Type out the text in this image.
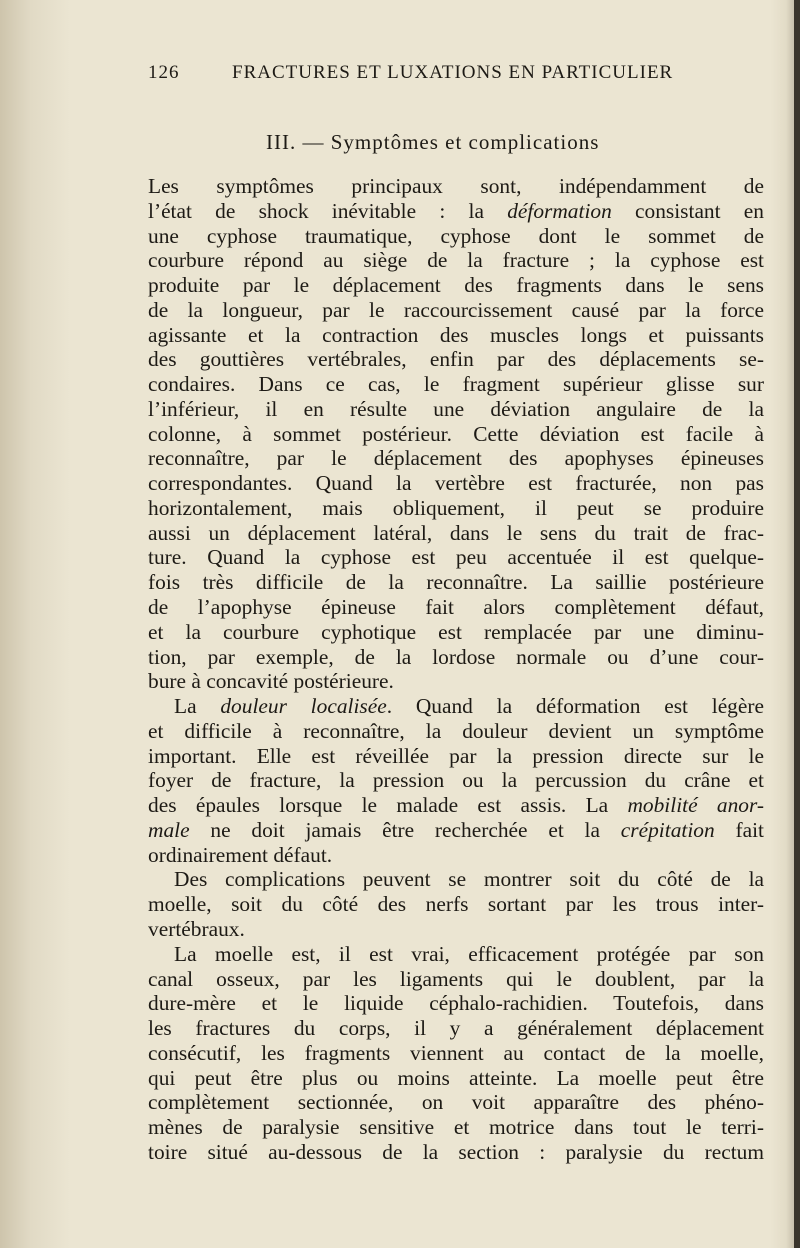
126	FRACTURES ET LUXATIONS EN PARTICULIER
III. — Symptômes et complications
Les symptômes principaux sont, indépendamment de
l’état de shock inévitable : la déformation consistant en
une cyphose traumatique, cyphose dont le sommet de
courbure répond au siège de la fracture ; la cyphose est
produite par le déplacement des fragments dans le sens
de la longueur, par le raccourcissement causé par la force
agissante et la contraction des muscles longs et puissants
des gouttières vertébrales, enfin par des déplacements se-
condaires. Dans ce cas, le fragment supérieur glisse sur
l’inférieur, il en résulte une déviation angulaire de la
colonne, à sommet postérieur. Cette déviation est facile à
reconnaître, par le déplacement des apophyses épineuses
correspondantes. Quand la vertèbre est fracturée, non pas
horizontalement, mais obliquement, il peut se produire
aussi un déplacement latéral, dans le sens du trait de frac-
ture. Quand la cyphose est peu accentuée il est quelque-
fois très difficile de la reconnaître. La saillie postérieure
de l’apophyse épineuse fait alors complètement défaut,
et la courbure cyphotique est remplacée par une diminu-
tion, par exemple, de la lordose normale ou d’une cour-
bure à concavité postérieure.
La douleur localisée. Quand la déformation est légère
et difficile à reconnaître, la douleur devient un symptôme
important. Elle est réveillée par la pression directe sur le
foyer de fracture, la pression ou la percussion du crâne et
des épaules lorsque le malade est assis. La mobilité anor-
male ne doit jamais être recherchée et la crépitation fait
ordinairement défaut.
Des complications peuvent se montrer soit du côté de la
moelle, soit du côté des nerfs sortant par les trous inter-
vertébraux.
La moelle est, il est vrai, efficacement protégée par son
canal osseux, par les ligaments qui le doublent, par la
dure-mère et le liquide céphalo-rachidien. Toutefois, dans
les fractures du corps, il y a généralement déplacement
consécutif, les fragments viennent au contact de la moelle,
qui peut être plus ou moins atteinte. La moelle peut être
complètement sectionnée, on voit apparaître des phéno-
mènes de paralysie sensitive et motrice dans tout le terri-
toire situé au-dessous de la section : paralysie du rectum
